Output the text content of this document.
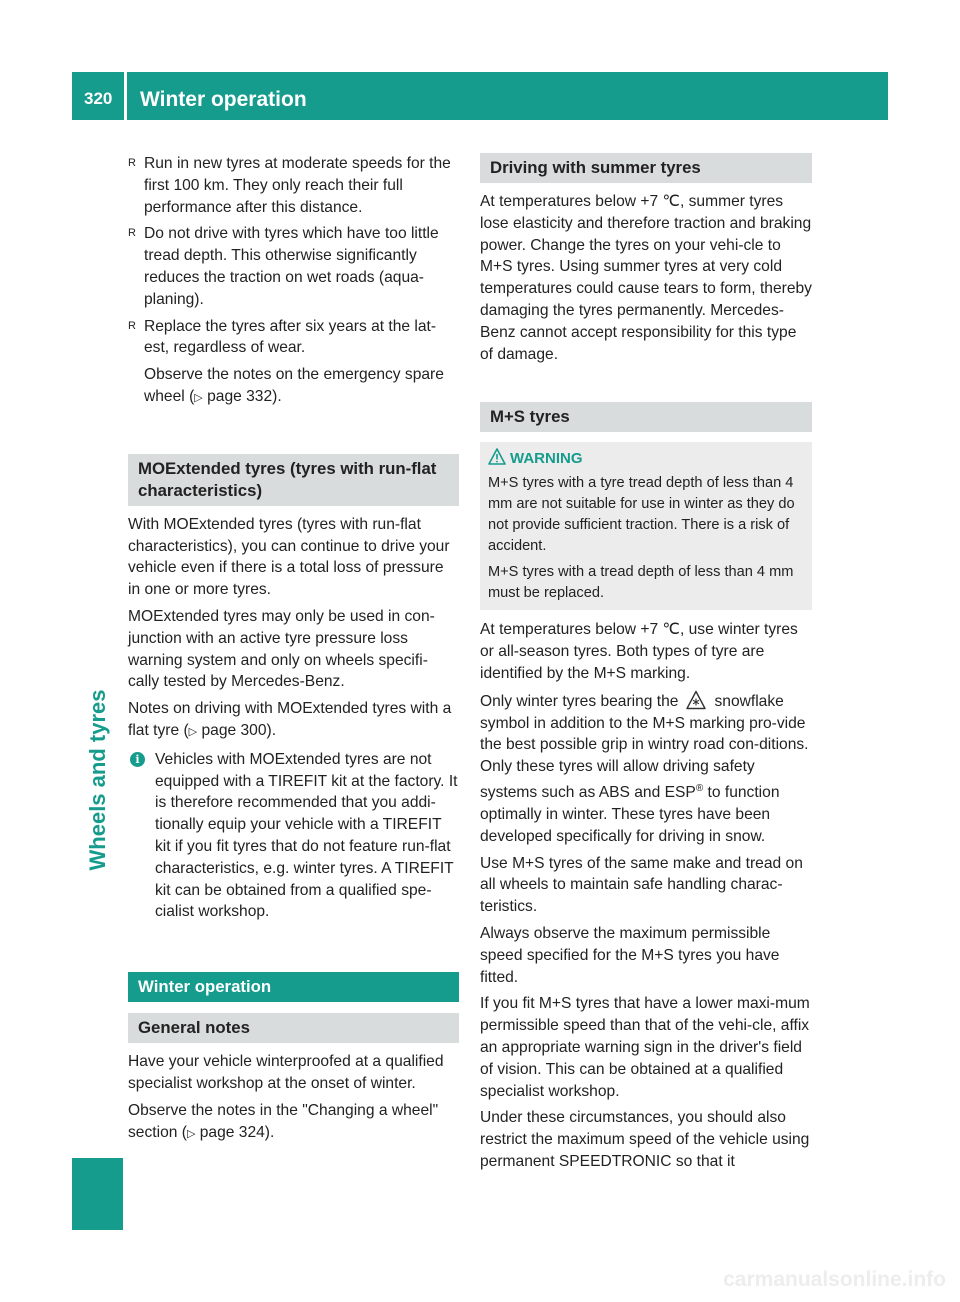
320 Winter operation
Wheels and tyres
R Run in new tyres at moderate speeds for the first 100 km. They only reach their full performance after this distance.
R Do not drive with tyres which have too little tread depth. This otherwise significantly reduces the traction on wet roads (aqua-planing).
R Replace the tyres after six years at the lat-est, regardless of wear.

Observe the notes on the emergency spare wheel (▷ page 332).

MOExtended tyres (tyres with run-flat characteristics)

With MOExtended tyres (tyres with run-flat characteristics), you can continue to drive your vehicle even if there is a total loss of pressure in one or more tyres.

MOExtended tyres may only be used in con-junction with an active tyre pressure loss warning system and only on wheels specifi-cally tested by Mercedes-Benz.

Notes on driving with MOExtended tyres with a flat tyre (▷ page 300).

i Vehicles with MOExtended tyres are not equipped with a TIREFIT kit at the factory. It is therefore recommended that you addi-tionally equip your vehicle with a TIREFIT kit if you fit tyres that do not feature run-flat characteristics, e.g. winter tyres. A TIREFIT kit can be obtained from a qualified spe-cialist workshop.
Winter operation
General notes

Have your vehicle winterproofed at a qualified specialist workshop at the onset of winter.

Observe the notes in the "Changing a wheel" section (▷ page 324).

Driving with summer tyres

At temperatures below +7 ℃, summer tyres lose elasticity and therefore traction and braking power. Change the tyres on your vehi-cle to M+S tyres. Using summer tyres at very cold temperatures could cause tears to form, thereby damaging the tyres permanently. Mercedes-Benz cannot accept responsibility for this type of damage.

M+S tyres
WARNING

M+S tyres with a tyre tread depth of less than 4 mm are not suitable for use in winter as they do not provide sufficient traction. There is a risk of accident.

M+S tyres with a tread depth of less than 4 mm must be replaced.

At temperatures below +7 ℃, use winter tyres or all-season tyres. Both types of tyre are identified by the M+S marking.

Only winter tyres bearing the snowflake symbol in addition to the M+S marking pro-vide the best possible grip in wintry road con-ditions. Only these tyres will allow driving safety systems such as ABS and ESP® to function optimally in winter. These tyres have been developed specifically for driving in snow.

Use M+S tyres of the same make and tread on all wheels to maintain safe handling charac-teristics.

Always observe the maximum permissible speed specified for the M+S tyres you have fitted.

If you fit M+S tyres that have a lower maxi-mum permissible speed than that of the vehi-cle, affix an appropriate warning sign in the driver's field of vision. This can be obtained at a qualified specialist workshop.

Under these circumstances, you should also restrict the maximum speed of the vehicle using permanent SPEEDTRONIC so that it

carmanualsonline.info
